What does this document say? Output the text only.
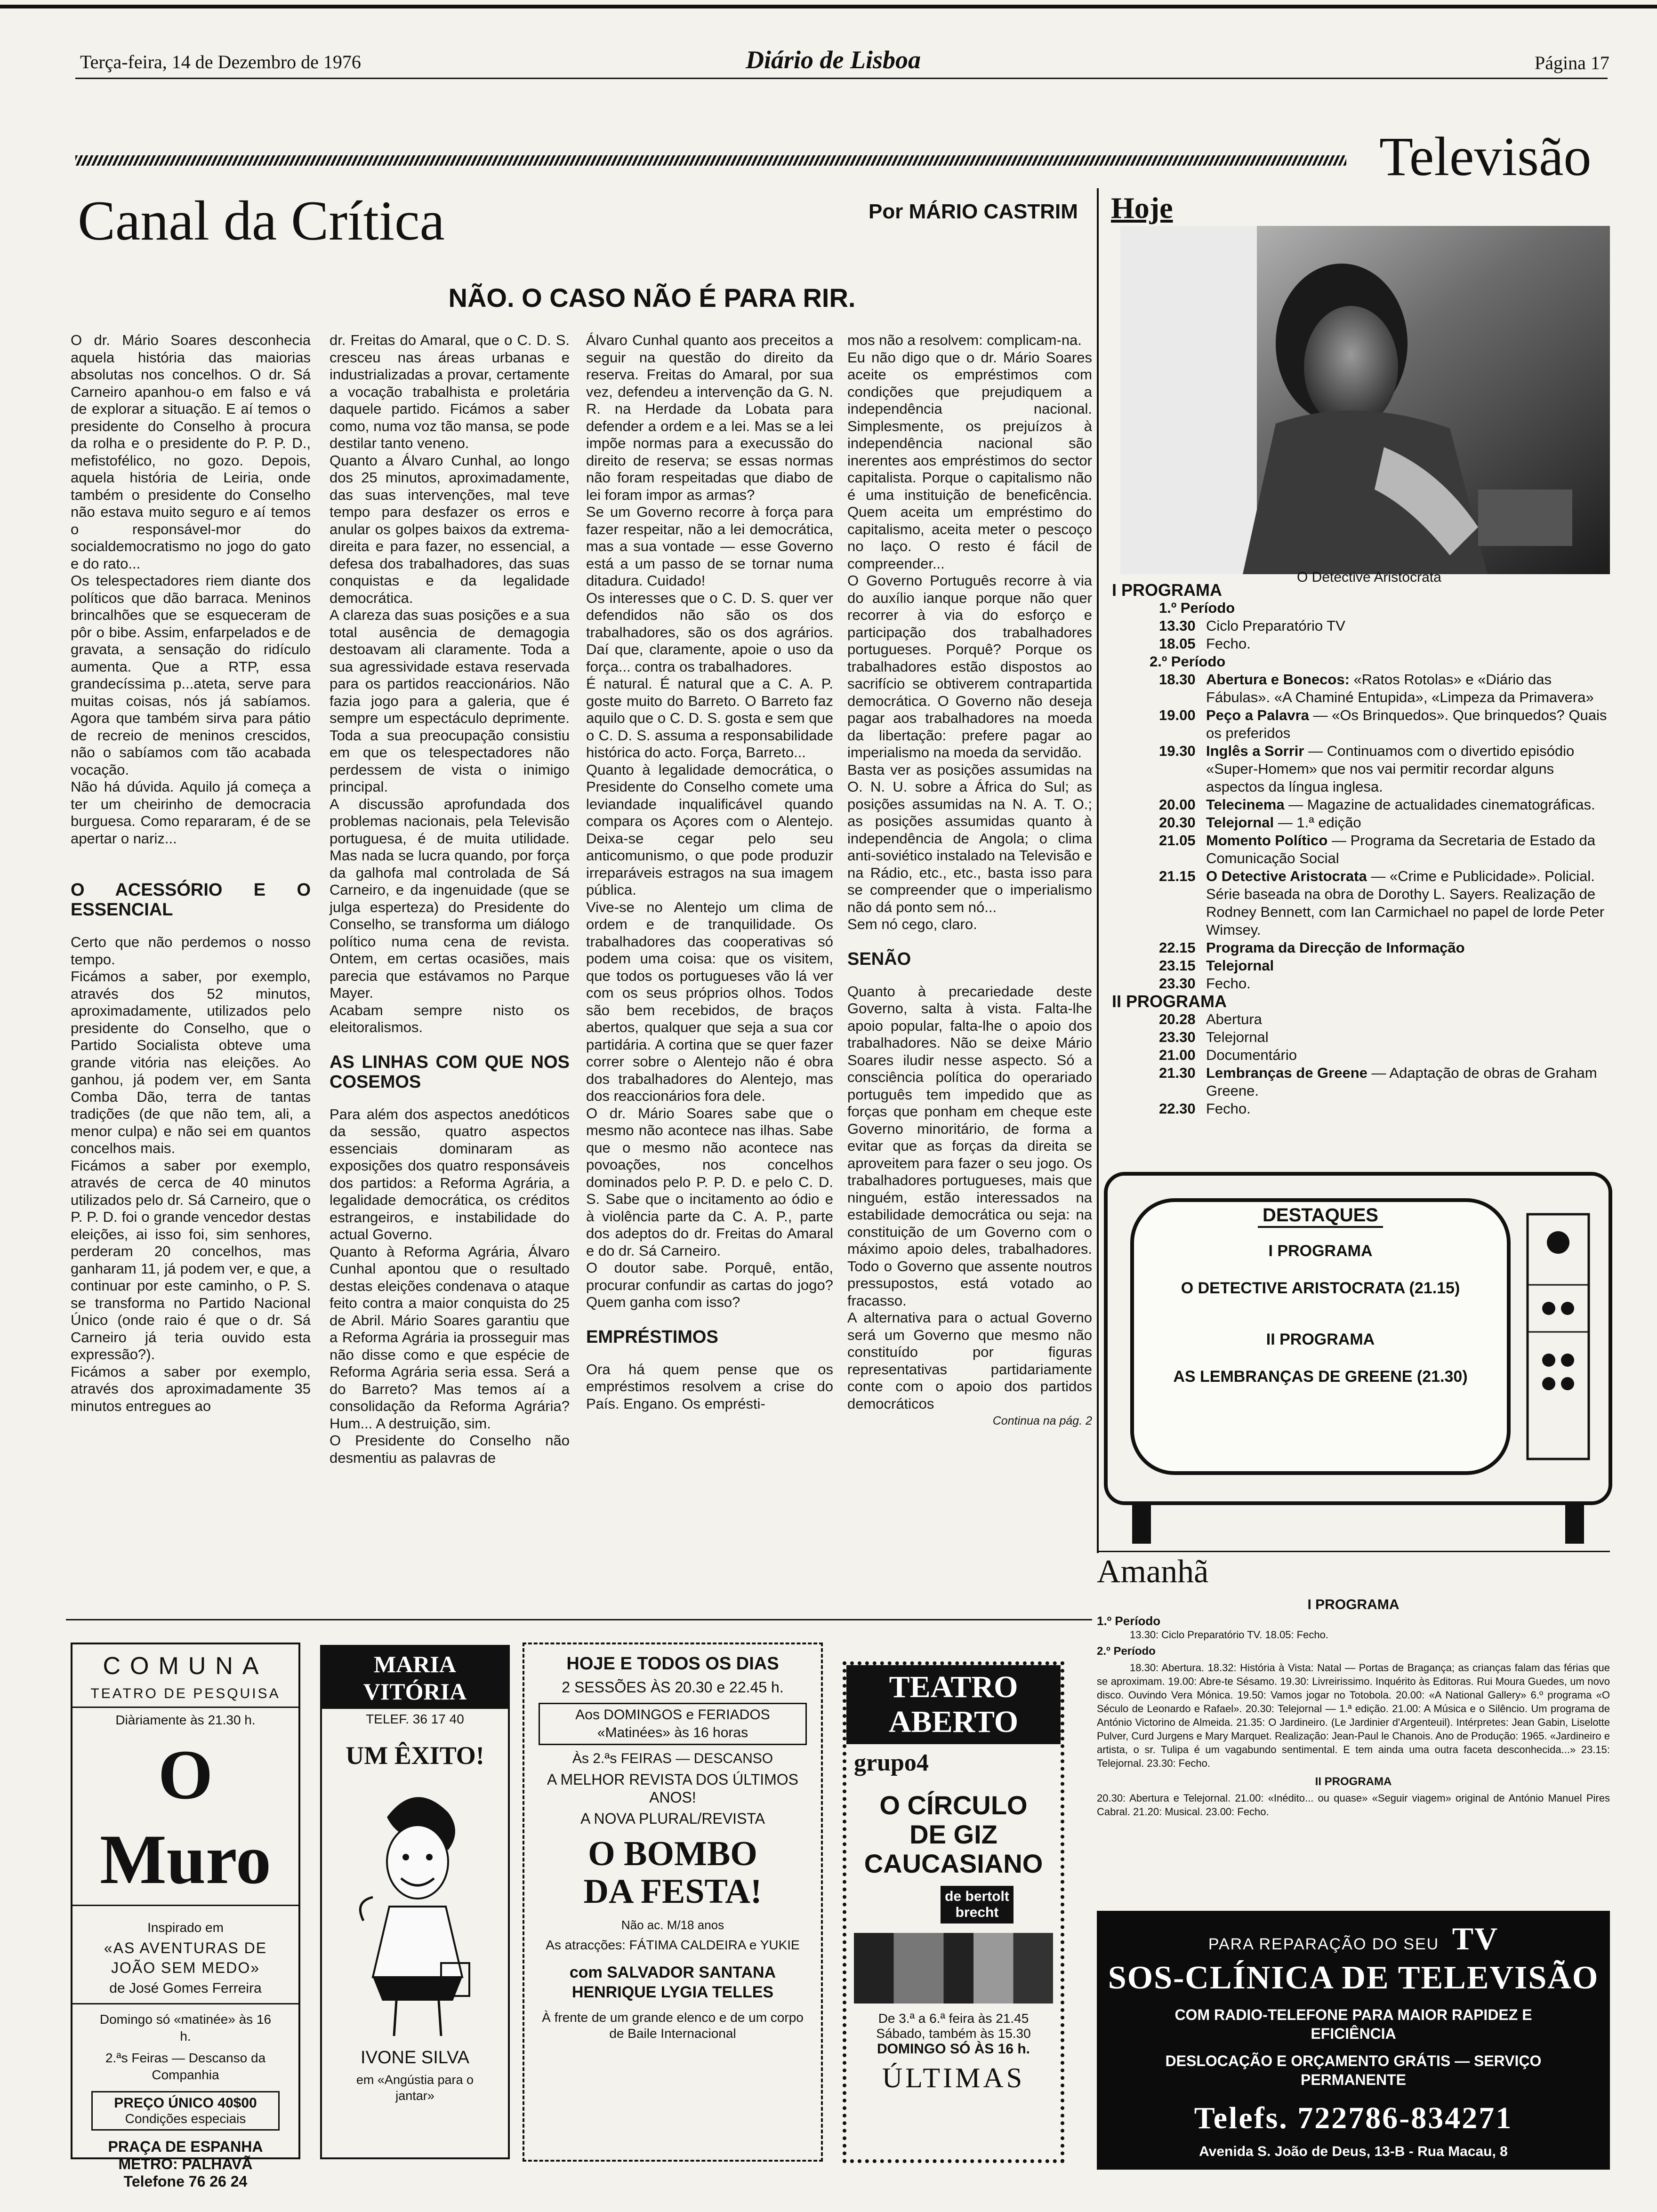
Terça-feira, 14 de Dezembro de 1976	Diário de Lisboa	Página 17
Televisão
Canal da Crítica	Por MÁRIO CASTRIM
NÃO. O CASO NÃO É PARA RIR.

O dr. Mário Soares desconhecia aquela história das maiorias absolutas nos concelhos. O dr. Sá Carneiro apanhou-o em falso e vá de explorar a situação. E aí temos o presidente do Conselho à procura da rolha e o presidente do P. P. D., mefistofélico, no gozo. Depois, aquela história de Leiria, onde também o presidente do Conselho não estava muito seguro e aí temos o responsável-mor do socialdemocratismo no jogo do gato e do rato...

Os telespectadores riem diante dos políticos que dão barraca. Meninos brincalhões que se esqueceram de pôr o bibe. Assim, enfarpelados e de gravata, a sensação do ridículo aumenta. Que a RTP, essa grandecíssima p...ateta, serve para muitas coisas, nós já sabíamos. Agora que também sirva para pátio de recreio de meninos crescidos, não o sabíamos com tão acabada vocação.

Não há dúvida. Aquilo já começa a ter um cheirinho de democracia burguesa. Como repararam, é de se apertar o nariz...

O ACESSÓRIO E O ESSENCIAL

Certo que não perdemos o nosso tempo.

Ficámos a saber, por exemplo, através dos 52 minutos, aproximadamente, utilizados pelo presidente do Conselho, que o Partido Socialista obteve uma grande vitória nas eleições. Ao ganhou, já podem ver, em Santa Comba Dão, terra de tantas tradições (de que não tem, ali, a menor culpa) e não sei em quantos concelhos mais.

Ficámos a saber por exemplo, através de cerca de 40 minutos utilizados pelo dr. Sá Carneiro, que o P. P. D. foi o grande vencedor destas eleições, ai isso foi, sim senhores, perderam 20 concelhos, mas ganharam 11, já podem ver, e que, a continuar por este caminho, o P. S. se transforma no Partido Nacional Único (onde raio é que o dr. Sá Carneiro já teria ouvido esta expressão?).

Ficámos a saber por exemplo, através dos aproximadamente 35 minutos entregues ao

dr. Freitas do Amaral, que o C. D. S. cresceu nas áreas urbanas e industrializadas a provar, certamente a vocação trabalhista e proletária daquele partido. Ficámos a saber como, numa voz tão mansa, se pode destilar tanto veneno.

Quanto a Álvaro Cunhal, ao longo dos 25 minutos, aproximadamente, das suas intervenções, mal teve tempo para desfazer os erros e anular os golpes baixos da extrema-direita e para fazer, no essencial, a defesa dos trabalhadores, das suas conquistas e da legalidade democrática.

A clareza das suas posições e a sua total ausência de demagogia destoavam ali claramente. Toda a sua agressividade estava reservada para os partidos reaccionários. Não fazia jogo para a galeria, que é sempre um espectáculo deprimente. Toda a sua preocupação consistiu em que os telespectadores não perdessem de vista o inimigo principal.

A discussão aprofundada dos problemas nacionais, pela Televisão portuguesa, é de muita utilidade. Mas nada se lucra quando, por força da galhofa mal controlada de Sá Carneiro, e da ingenuidade (que se julga esperteza) do Presidente do Conselho, se transforma um diálogo político numa cena de revista. Ontem, em certas ocasiões, mais parecia que estávamos no Parque Mayer.

Acabam sempre nisto os eleitoralismos.

AS LINHAS COM QUE NOS COSEMOS

Para além dos aspectos anedóticos da sessão, quatro aspectos essenciais dominaram as exposições dos quatro responsáveis dos partidos: a Reforma Agrária, a legalidade democrática, os créditos estrangeiros, e instabilidade do actual Governo.

Quanto à Reforma Agrária, Álvaro Cunhal apontou que o resultado destas eleições condenava o ataque feito contra a maior conquista do 25 de Abril. Mário Soares garantiu que a Reforma Agrária ia prosseguir mas não disse como e que espécie de Reforma Agrária seria essa. Será a do Barreto? Mas temos aí a consolidação da Reforma Agrária? Hum... A destruição, sim.

O Presidente do Conselho não desmentiu as palavras de

Álvaro Cunhal quanto aos preceitos a seguir na questão do direito da reserva. Freitas do Amaral, por sua vez, defendeu a intervenção da G. N. R. na Herdade da Lobata para defender a ordem e a lei. Mas se a lei impõe normas para a execussão do direito de reserva; se essas normas não foram respeitadas que diabo de lei foram impor as armas?

Se um Governo recorre à força para fazer respeitar, não a lei democrática, mas a sua vontade — esse Governo está a um passo de se tornar numa ditadura. Cuidado!

Os interesses que o C. D. S. quer ver defendidos não são os dos trabalhadores, são os dos agrários. Daí que, claramente, apoie o uso da força... contra os trabalhadores.

É natural. É natural que a C. A. P. goste muito do Barreto. O Barreto faz aquilo que o C. D. S. gosta e sem que o C. D. S. assuma a responsabilidade histórica do acto. Força, Barreto...

Quanto à legalidade democrática, o Presidente do Conselho comete uma leviandade inqualificável quando compara os Açores com o Alentejo. Deixa-se cegar pelo seu anticomunismo, o que pode produzir irreparáveis estragos na sua imagem pública.

Vive-se no Alentejo um clima de ordem e de tranquilidade. Os trabalhadores das cooperativas só podem uma coisa: que os visitem, que todos os portugueses vão lá ver com os seus próprios olhos. Todos são bem recebidos, de braços abertos, qualquer que seja a sua cor partidária. A cortina que se quer fazer correr sobre o Alentejo não é obra dos trabalhadores do Alentejo, mas dos reaccionários fora dele.

O dr. Mário Soares sabe que o mesmo não acontece nas ilhas. Sabe que o mesmo não acontece nas povoações, nos concelhos dominados pelo P. P. D. e pelo C. D. S. Sabe que o incitamento ao ódio e à violência parte da C. A. P., parte dos adeptos do dr. Freitas do Amaral e do dr. Sá Carneiro.

O doutor sabe. Porquê, então, procurar confundir as cartas do jogo? Quem ganha com isso?

EMPRÉSTIMOS

Ora há quem pense que os empréstimos resolvem a crise do País. Engano. Os emprésti-

mos não a resolvem: complicam-na.

Eu não digo que o dr. Mário Soares aceite os empréstimos com condições que prejudiquem a independência nacional. Simplesmente, os prejuízos à independência nacional são inerentes aos empréstimos do sector capitalista. Porque o capitalismo não é uma instituição de beneficência. Quem aceita um empréstimo do capitalismo, aceita meter o pescoço no laço. O resto é fácil de compreender...

O Governo Português recorre à via do auxílio ianque porque não quer recorrer à via do esforço e participação dos trabalhadores portugueses. Porquê? Porque os trabalhadores estão dispostos ao sacrifício se obtiverem contrapartida democrática. O Governo não deseja pagar aos trabalhadores na moeda da libertação: prefere pagar ao imperialismo na moeda da servidão.

Basta ver as posições assumidas na O. N. U. sobre a África do Sul; as posições assumidas na N. A. T. O.; as posições assumidas quanto à independência de Angola; o clima anti-soviético instalado na Televisão e na Rádio, etc., etc., basta isso para se compreender que o imperialismo não dá ponto sem nó...

Sem nó cego, claro.

SENÃO

Quanto à precariedade deste Governo, salta à vista. Falta-lhe apoio popular, falta-lhe o apoio dos trabalhadores. Não se deixe Mário Soares iludir nesse aspecto. Só a consciência política do operariado português tem impedido que as forças que ponham em cheque este Governo minoritário, de forma a evitar que as forças da direita se aproveitem para fazer o seu jogo. Os trabalhadores portugueses, mais que ninguém, estão interessados na estabilidade democrática ou seja: na constituição de um Governo com o máximo apoio deles, trabalhadores. Todo o Governo que assente noutros pressupostos, está votado ao fracasso.

A alternativa para o actual Governo será um Governo que mesmo não constituído por figuras representativas partidariamente conte com o apoio dos partidos democráticos

Continua na pág. 2

Hoje
O Detective Aristocrata
I PROGRAMA
1.º Período
13.30 Ciclo Preparatório TV
18.05 Fecho.
2.º Período
18.30 Abertura e Bonecos: «Ratos Rotolas» e «Diário das Fábulas». «A Chaminé Entupida», «Limpeza da Primavera»
19.00 Peço a Palavra — «Os Brinquedos». Que brinquedos? Quais os preferidos
19.30 Inglês a Sorrir — Continuamos com o divertido episódio «Super-Homem» que nos vai permitir recordar alguns aspectos da língua inglesa.
20.00 Telecinema — Magazine de actualidades cinematográficas.
20.30 Telejornal — 1.ª edição
21.05 Momento Político — Programa da Secretaria de Estado da Comunicação Social
21.15 O Detective Aristocrata — «Crime e Publicidade». Policial. Série baseada na obra de Dorothy L. Sayers. Realização de Rodney Bennett, com Ian Carmichael no papel de lorde Peter Wimsey.
22.15 Programa da Direcção de Informação
23.15 Telejornal
23.30 Fecho.
II PROGRAMA
20.28 Abertura
23.30 Telejornal
21.00 Documentário
21.30 Lembranças de Greene — Adaptação de obras de Graham Greene.
22.30 Fecho.
DESTAQUES
I PROGRAMA
O DETECTIVE ARISTOCRATA (21.15)
II PROGRAMA
AS LEMBRANÇAS DE GREENE (21.30)
Amanhã
I PROGRAMA
1.º Período
13.30: Ciclo Preparatório TV. 18.05: Fecho.
2.º Período
18.30: Abertura. 18.32: História à Vista: Natal — Portas de Bragança; as crianças falam das férias que se aproximam. 19.00: Abre-te Sésamo. 19.30: Livreirissimo. Inquérito às Editoras. Rui Moura Guedes, um novo disco. Ouvindo Vera Mónica. 19.50: Vamos jogar no Totobola. 20.00: «A National Gallery» 6.º programa «O Século de Leonardo e Rafael». 20.30: Telejornal — 1.ª edição. 21.00: A Música e o Silêncio. Um programa de António Victorino de Almeida. 21.35: O Jardineiro. (Le Jardinier d'Argenteuil). Intérpretes: Jean Gabin, Liselotte Pulver, Curd Jurgens e Mary Marquet. Realização: Jean-Paul le Chanois. Ano de Produção: 1965. «Jardineiro e artista, o sr. Tulipa é um vagabundo sentimental. E tem ainda uma outra faceta desconhecida...» 23.15: Telejornal. 23.30: Fecho.
II PROGRAMA
20.30: Abertura e Telejornal. 21.00: «Inédito... ou quase» «Seguir viagem» original de António Manuel Pires Cabral. 21.20: Musical. 23.00: Fecho.
PARA REPARAÇÃO DO SEU TV
SOS-CLÍNICA DE TELEVISÃO
COM RADIO-TELEFONE PARA MAIOR RAPIDEZ E EFICIÊNCIA
DESLOCAÇÃO E ORÇAMENTO GRÁTIS — SERVIÇO PERMANENTE
Telefs. 722786-834271
Avenida S. João de Deus, 13-B - Rua Macau, 8
COMUNA
TEATRO DE PESQUISA
Diàriamente às 21.30 h.
O Muro
Inspirado em
«AS AVENTURAS DE JOÃO SEM MEDO»
de José Gomes Ferreira
Domingo só «matinée» às 16 h.
2.ªs Feiras — Descanso da Companhia
PREÇO ÚNICO 40$00
Condições especiais
PRAÇA DE ESPANHA
METRO: PALHAVÃ
Telefone 76 26 24
MARIA VITÓRIA
TELEF. 36 17 40
UM ÊXITO!
IVONE SILVA
em «Angústia para o jantar»
HOJE E TODOS OS DIAS
2 SESSÕES ÀS 20.30 e 22.45 h.
Aos DOMINGOS e FERIADOS «Matinées» às 16 horas
Às 2.ªs FEIRAS — DESCANSO
A MELHOR REVISTA DOS ÚLTIMOS ANOS!
A NOVA PLURAL/REVISTA
O BOMBO DA FESTA!
Não ac. M/18 anos
As atracções: FÁTIMA CALDEIRA e YUKIE
com SALVADOR SANTANA HENRIQUE LYGIA TELLES
À frente de um grande elenco e de um corpo de Baile Internacional
TEATRO ABERTO
grupo4
O CÍRCULO DE GIZ CAUCASIANO
de bertolt brecht
De 3.ª a 6.ª feira às 21.45
Sábado, também às 15.30
DOMINGO SÓ ÀS 16 h.
ÚLTIMAS
